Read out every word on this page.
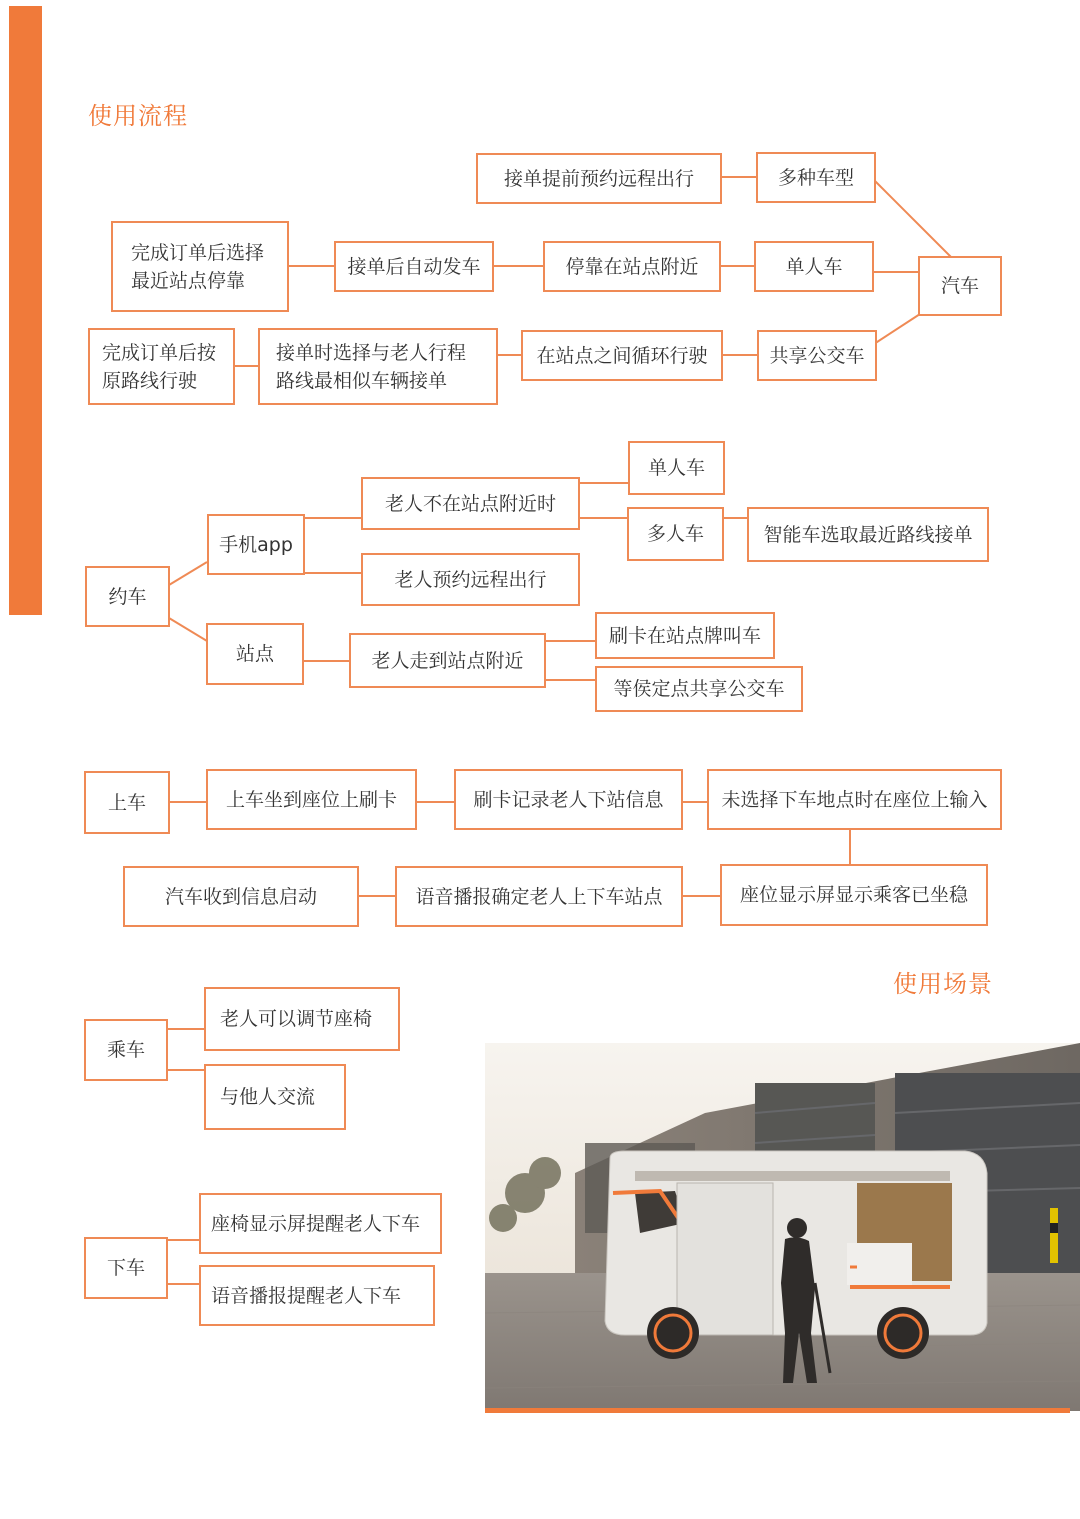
使用流程
使用场景
汽车
多种车型
单人车
共享公交车
接单提前预约远程出行
停靠在站点附近
接单后自动发车
完成订单后选择
最近站点停靠
在站点之间循环行驶
接单时选择与老人行程
路线最相似车辆接单
完成订单后按
原路线行驶
约车
手机app
站点
老人不在站点附近时
老人预约远程出行
单人车
多人车	智能车选取最近路线接单
老人走到站点附近
刷卡在站点牌叫车
等侯定点共享公交车
上车	上车坐到座位上刷卡	刷卡记录老人下站信息	未选择下车地点时在座位上输入
座位显示屏显示乘客已坐稳
语音播报确定老人上下车站点
汽车收到信息启动
乘车
老人可以调节座椅
与他人交流
下车
座椅显示屏提醒老人下车
语音播报提醒老人下车
